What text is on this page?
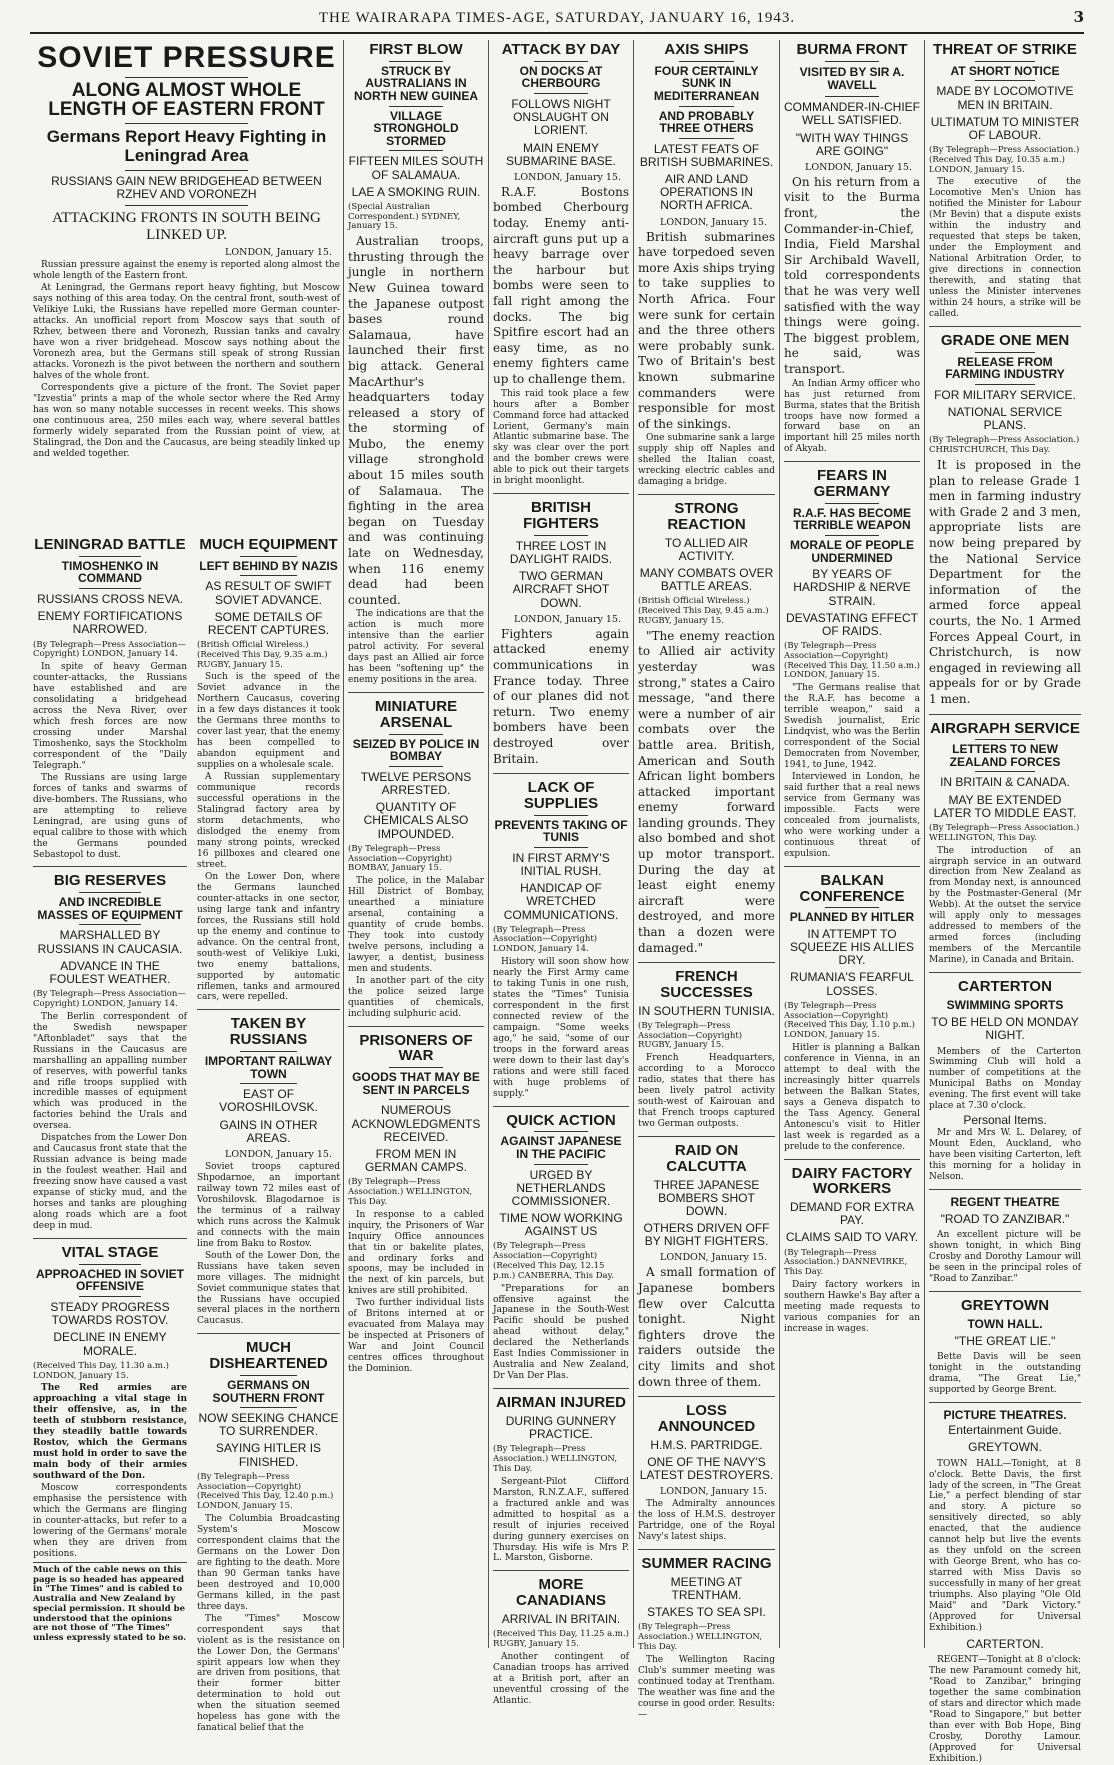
THE WAIRARAPA TIMES-AGE, SATURDAY, JANUARY 16, 1943.	3
SOVIET PRESSURE
ALONG ALMOST WHOLE LENGTH OF EASTERN FRONT
Germans Report Heavy Fighting in Leningrad Area
RUSSIANS GAIN NEW BRIDGEHEAD BETWEEN RZHEV AND VORONEZH
ATTACKING FRONTS IN SOUTH BEING LINKED UP.
LONDON, January 15.

Russian pressure against the enemy is reported along almost the whole length of the Eastern front.

At Leningrad, the Germans report heavy fighting, but Moscow says nothing of this area today. On the central front, south-west of Velikiye Luki, the Russians have repelled more German counter-attacks. An unofficial report from Moscow says that south of Rzhev, between there and Voronezh, Russian tanks and cavalry have won a river bridgehead. Moscow says nothing about the Voronezh area, but the Germans still speak of strong Russian attacks. Voronezh is the pivot between the northern and southern halves of the whole front.

Correspondents give a picture of the front. The Soviet paper "Izvestia" prints a map of the whole sector where the Red Army has won so many notable successes in recent weeks. This shows one continuous area, 250 miles each way, where several battles formerly widely separated from the Russian point of view, at Stalingrad, the Don and the Caucasus, are being steadily linked up and welded together.

LENINGRAD BATTLE
TIMOSHENKO IN COMMAND
RUSSIANS CROSS NEVA.
ENEMY FORTIFICATIONS NARROWED.
(By Telegraph—Press Association—Copyright) LONDON, January 14.

In spite of heavy German counter-attacks, the Russians have established and are consolidating a bridgehead across the Neva River, over which fresh forces are now crossing under Marshal Timoshenko, says the Stockholm correspondent of the "Daily Telegraph."

The Russians are using large forces of tanks and swarms of dive-bombers. The Russians, who are attempting to relieve Leningrad, are using guns of equal calibre to those with which the Germans pounded Sebastopol to dust.

BIG RESERVES
AND INCREDIBLE MASSES OF EQUIPMENT
MARSHALLED BY RUSSIANS IN CAUCASIA.
ADVANCE IN THE FOULEST WEATHER.
(By Telegraph—Press Association—Copyright) LONDON, January 14.

The Berlin correspondent of the Swedish newspaper "Aftonbladet" says that the Russians in the Caucasus are marshalling an appalling number of reserves, with powerful tanks and rifle troops supplied with incredible masses of equipment which was produced in the factories behind the Urals and oversea.

Dispatches from the Lower Don and Caucasus front state that the Russian advance is being made in the foulest weather. Hail and freezing snow have caused a vast expanse of sticky mud, and the horses and tanks are ploughing along roads which are a foot deep in mud.

VITAL STAGE
APPROACHED IN SOVIET OFFENSIVE
STEADY PROGRESS TOWARDS ROSTOV.
DECLINE IN ENEMY MORALE.
(Received This Day, 11.30 a.m.) LONDON, January 15.

The Red armies are approaching a vital stage in their offensive, as, in the teeth of stubborn resistance, they steadily battle towards Rostov, which the Germans must hold in order to save the main body of their armies southward of the Don.

Moscow correspondents emphasise the persistence with which the Germans are flinging in counter-attacks, but refer to a lowering of the Germans' morale when they are driven from positions.

Much of the cable news on this page is so headed has appeared in "The Times" and is cabled to Australia and New Zealand by special permission. It should be understood that the opinions are not those of "The Times" unless expressly stated to be so.

MUCH EQUIPMENT
LEFT BEHIND BY NAZIS
AS RESULT OF SWIFT SOVIET ADVANCE.
SOME DETAILS OF RECENT CAPTURES.
(British Official Wireless.) (Received This Day, 9.35 a.m.) RUGBY, January 15.

Such is the speed of the Soviet advance in the Northern Caucasus, covering in a few days distances it took the Germans three months to cover last year, that the enemy has been compelled to abandon equipment and supplies on a wholesale scale.

A Russian supplementary communique records successful operations in the Stalingrad factory area by storm detachments, who dislodged the enemy from many strong points, wrecked 16 pillboxes and cleared one street.

On the Lower Don, where the Germans launched counter-attacks in one sector, using large tank and infantry forces, the Russians still hold up the enemy and continue to advance. On the central front, south-west of Velikiye Luki, two enemy battalions, supported by automatic riflemen, tanks and armoured cars, were repelled.

TAKEN BY RUSSIANS
IMPORTANT RAILWAY TOWN
EAST OF VOROSHILOVSK.
GAINS IN OTHER AREAS.
LONDON, January 15.

Soviet troops captured Shpodarnoe, an important railway town 72 miles east of Voroshilovsk. Blagodarnoe is the terminus of a railway which runs across the Kalmuk and connects with the main line from Baku to Rostov.

South of the Lower Don, the Russians have taken seven more villages. The midnight Soviet communique states that the Russians have occupied several places in the northern Caucasus.

MUCH DISHEARTENED
GERMANS ON SOUTHERN FRONT
NOW SEEKING CHANCE TO SURRENDER.
SAYING HITLER IS FINISHED.
(By Telegraph—Press Association—Copyright) (Received This Day, 12.40 p.m.) LONDON, January 15.

The Columbia Broadcasting System's Moscow correspondent claims that the Germans on the Lower Don are fighting to the death. More than 90 German tanks have been destroyed and 10,000 Germans killed, in the past three days.

The "Times" Moscow correspondent says that violent as is the resistance on the Lower Don, the Germans' spirit appears low when they are driven from positions, that their former bitter determination to hold out when the situation seemed hopeless has gone with the fanatical belief that the

FIRST BLOW
STRUCK BY AUSTRALIANS IN NORTH NEW GUINEA
VILLAGE STRONGHOLD STORMED
FIFTEEN MILES SOUTH OF SALAMAUA.
LAE A SMOKING RUIN.
(Special Australian Correspondent.) SYDNEY, January 15.

Australian troops, thrusting through the jungle in northern New Guinea toward the Japanese outpost bases round Salamaua, have launched their first big attack. General MacArthur's headquarters today released a story of the storming of Mubo, the enemy village stronghold about 15 miles south of Salamaua. The fighting in the area began on Tuesday and was continuing late on Wednesday, when 116 enemy dead had been counted.

The indications are that the action is much more intensive than the earlier patrol activity. For several days past an Allied air force has been "softening up" the enemy positions in the area.

MINIATURE ARSENAL
SEIZED BY POLICE IN BOMBAY
TWELVE PERSONS ARRESTED.
QUANTITY OF CHEMICALS ALSO IMPOUNDED.
(By Telegraph—Press Association—Copyright) BOMBAY, January 15.

The police, in the Malabar Hill District of Bombay, unearthed a miniature arsenal, containing a quantity of crude bombs. They took into custody twelve persons, including a lawyer, a dentist, business men and students.

In another part of the city the police seized large quantities of chemicals, including sulphuric acid.

PRISONERS OF WAR
GOODS THAT MAY BE SENT IN PARCELS
NUMEROUS ACKNOWLEDGMENTS RECEIVED.
FROM MEN IN GERMAN CAMPS.
(By Telegraph—Press Association.) WELLINGTON, This Day.

In response to a cabled inquiry, the Prisoners of War Inquiry Office announces that tin or bakelite plates, and ordinary forks and spoons, may be included in the next of kin parcels, but knives are still prohibited.

Two further individual lists of Britons interned at or evacuated from Malaya may be inspected at Prisoners of War and Joint Council centres offices throughout the Dominion.

ATTACK BY DAY
ON DOCKS AT CHERBOURG
FOLLOWS NIGHT ONSLAUGHT ON LORIENT.
MAIN ENEMY SUBMARINE BASE.
LONDON, January 15.

R.A.F. Bostons bombed Cherbourg today. Enemy anti-aircraft guns put up a heavy barrage over the harbour but bombs were seen to fall right among the docks. The big Spitfire escort had an easy time, as no enemy fighters came up to challenge them.

This raid took place a few hours after a Bomber Command force had attacked Lorient, Germany's main Atlantic submarine base. The sky was clear over the port and the bomber crews were able to pick out their targets in bright moonlight.

BRITISH FIGHTERS
THREE LOST IN DAYLIGHT RAIDS.
TWO GERMAN AIRCRAFT SHOT DOWN.
LONDON, January 15.

Fighters again attacked enemy communications in France today. Three of our planes did not return. Two enemy bombers have been destroyed over Britain.

LACK OF SUPPLIES
PREVENTS TAKING OF TUNIS
IN FIRST ARMY'S INITIAL RUSH.
HANDICAP OF WRETCHED COMMUNICATIONS.
(By Telegraph—Press Association—Copyright) LONDON, January 14.

History will soon show how nearly the First Army came to taking Tunis in one rush, states the "Times" Tunisia correspondent in the first connected review of the campaign. "Some weeks ago," he said, "some of our troops in the forward areas were down to their last day's rations and were still faced with huge problems of supply."

QUICK ACTION
AGAINST JAPANESE IN THE PACIFIC
URGED BY NETHERLANDS COMMISSIONER.
TIME NOW WORKING AGAINST US
(By Telegraph—Press Association—Copyright) (Received This Day, 12.15 p.m.) CANBERRA, This Day.

"Preparations for an offensive against the Japanese in the South-West Pacific should be pushed ahead without delay," declared the Netherlands East Indies Commissioner in Australia and New Zealand, Dr Van Der Plas.

AIRMAN INJURED
DURING GUNNERY PRACTICE.
(By Telegraph—Press Association.) WELLINGTON, This Day.

Sergeant-Pilot Clifford Marston, R.N.Z.A.F., suffered a fractured ankle and was admitted to hospital as a result of injuries received during gunnery exercises on Thursday. His wife is Mrs P. L. Marston, Gisborne.

MORE CANADIANS
ARRIVAL IN BRITAIN.
(Received This Day, 11.25 a.m.) RUGBY, January 15.

Another contingent of Canadian troops has arrived at a British port, after an uneventful crossing of the Atlantic.

AXIS SHIPS
FOUR CERTAINLY SUNK IN MEDITERRANEAN
AND PROBABLY THREE OTHERS
LATEST FEATS OF BRITISH SUBMARINES.
AIR AND LAND OPERATIONS IN NORTH AFRICA.
LONDON, January 15.

British submarines have torpedoed seven more Axis ships trying to take supplies to North Africa. Four were sunk for certain and the three others were probably sunk. Two of Britain's best known submarine commanders were responsible for most of the sinkings.

One submarine sank a large supply ship off Naples and shelled the Italian coast, wrecking electric cables and damaging a bridge.

STRONG REACTION
TO ALLIED AIR ACTIVITY.
MANY COMBATS OVER BATTLE AREAS.
(British Official Wireless.) (Received This Day, 9.45 a.m.) RUGBY, January 15.

"The enemy reaction to Allied air activity yesterday was strong," states a Cairo message, "and there were a number of air combats over the battle area. British, American and South African light bombers attacked important enemy forward landing grounds. They also bombed and shot up motor transport. During the day at least eight enemy aircraft were destroyed, and more than a dozen were damaged."

FRENCH SUCCESSES
IN SOUTHERN TUNISIA.
(By Telegraph—Press Association—Copyright) RUGBY, January 15.

French Headquarters, according to a Morocco radio, states that there has been lively patrol activity south-west of Kairouan and that French troops captured two German outposts.

RAID ON CALCUTTA
THREE JAPANESE BOMBERS SHOT DOWN.
OTHERS DRIVEN OFF BY NIGHT FIGHTERS.
LONDON, January 15.

A small formation of Japanese bombers flew over Calcutta tonight. Night fighters drove the raiders outside the city limits and shot down three of them.

LOSS ANNOUNCED
H.M.S. PARTRIDGE.
ONE OF THE NAVY'S LATEST DESTROYERS.
LONDON, January 15.

The Admiralty announces the loss of H.M.S. destroyer Partridge, one of the Royal Navy's latest ships.

SUMMER RACING
MEETING AT TRENTHAM.
STAKES TO SEA SPI.
(By Telegraph—Press Association.) WELLINGTON, This Day.

The Wellington Racing Club's summer meeting was continued today at Trentham. The weather was fine and the course in good order. Results:—

BURMA FRONT
VISITED BY SIR A. WAVELL
COMMANDER-IN-CHIEF WELL SATISFIED.
"WITH WAY THINGS ARE GOING"
LONDON, January 15.

On his return from a visit to the Burma front, the Commander-in-Chief, India, Field Marshal Sir Archibald Wavell, told correspondents that he was very well satisfied with the way things were going. The biggest problem, he said, was transport.

An Indian Army officer who has just returned from Burma, states that the British troops have now formed a forward base on an important hill 25 miles north of Akyab.

FEARS IN GERMANY
R.A.F. HAS BECOME TERRIBLE WEAPON
MORALE OF PEOPLE UNDERMINED
BY YEARS OF HARDSHIP & NERVE STRAIN.
DEVASTATING EFFECT OF RAIDS.
(By Telegraph—Press Association—Copyright) (Received This Day, 11.50 a.m.) LONDON, January 15.

"The Germans realise that the R.A.F. has become a terrible weapon," said a Swedish journalist, Eric Lindqvist, who was the Berlin correspondent of the Social Democraten from November, 1941, to June, 1942.

Interviewed in London, he said further that a real news service from Germany was impossible. Facts were concealed from journalists, who were working under a continuous threat of expulsion.

BALKAN CONFERENCE
PLANNED BY HITLER
IN ATTEMPT TO SQUEEZE HIS ALLIES DRY.
RUMANIA'S FEARFUL LOSSES.
(By Telegraph—Press Association—Copyright) (Received This Day, 1.10 p.m.) LONDON, January 15.

Hitler is planning a Balkan conference in Vienna, in an attempt to deal with the increasingly bitter quarrels between the Balkan States, says a Geneva dispatch to the Tass Agency. General Antonescu's visit to Hitler last week is regarded as a prelude to the conference.

DAIRY FACTORY WORKERS
DEMAND FOR EXTRA PAY.
CLAIMS SAID TO VARY.
(By Telegraph—Press Association.) DANNEVIRKE, This Day.

Dairy factory workers in southern Hawke's Bay after a meeting made requests to various companies for an increase in wages.

THREAT OF STRIKE
AT SHORT NOTICE
MADE BY LOCOMOTIVE MEN IN BRITAIN.
ULTIMATUM TO MINISTER OF LABOUR.
(By Telegraph—Press Association.) (Received This Day, 10.35 a.m.) LONDON, January 15.

The executive of the Locomotive Men's Union has notified the Minister for Labour (Mr Bevin) that a dispute exists within the industry and requested that steps be taken, under the Employment and National Arbitration Order, to give directions in connection therewith, and stating that unless the Minister intervenes within 24 hours, a strike will be called.

GRADE ONE MEN
RELEASE FROM FARMING INDUSTRY
FOR MILITARY SERVICE.
NATIONAL SERVICE PLANS.
(By Telegraph—Press Association.) CHRISTCHURCH, This Day.

It is proposed in the plan to release Grade 1 men in farming industry with Grade 2 and 3 men, appropriate lists are now being prepared by the National Service Department for the information of the armed force appeal courts, the No. 1 Armed Forces Appeal Court, in Christchurch, is now engaged in reviewing all appeals for or by Grade 1 men.

AIRGRAPH SERVICE
LETTERS TO NEW ZEALAND FORCES
IN BRITAIN & CANADA.
MAY BE EXTENDED LATER TO MIDDLE EAST.
(By Telegraph—Press Association.) WELLINGTON, This Day.

The introduction of an airgraph service in an outward direction from New Zealand as from Monday next, is announced by the Postmaster-General (Mr Webb). At the outset the service will apply only to messages addressed to members of the armed forces (including members of the Mercantile Marine), in Canada and Britain.

CARTERTON
SWIMMING SPORTS
TO BE HELD ON MONDAY NIGHT.

Members of the Carterton Swimming Club will hold a number of competitions at the Municipal Baths on Monday evening. The first event will take place at 7.30 o'clock.

Personal Items.

Mr and Mrs W. L. Delarey, of Mount Eden, Auckland, who have been visiting Carterton, left this morning for a holiday in Nelson.

REGENT THEATRE
"ROAD TO ZANZIBAR."

An excellent picture will be shown tonight, in which Bing Crosby and Dorothy Lamour will be seen in the principal roles of "Road to Zanzibar."

GREYTOWN
TOWN HALL.
"THE GREAT LIE."

Bette Davis will be seen tonight in the outstanding drama, "The Great Lie," supported by George Brent.

PICTURE THEATRES.
Entertainment Guide.
GREYTOWN.

TOWN HALL—Tonight, at 8 o'clock. Bette Davis, the first lady of the screen, in "The Great Lie," a perfect blending of star and story. A picture so sensitively directed, so ably enacted, that the audience cannot help but live the events as they unfold on the screen with George Brent, who has co-starred with Miss Davis so successfully in many of her great triumphs. Also playing "Ole Old Maid" and "Dark Victory." (Approved for Universal Exhibition.)

CARTERTON.

REGENT—Tonight at 8 o'clock: The new Paramount comedy hit, "Road to Zanzibar," bringing together the same combination of stars and director which made "Road to Singapore," but better than ever with Bob Hope, Bing Crosby, Dorothy Lamour. (Approved for Universal Exhibition.)
